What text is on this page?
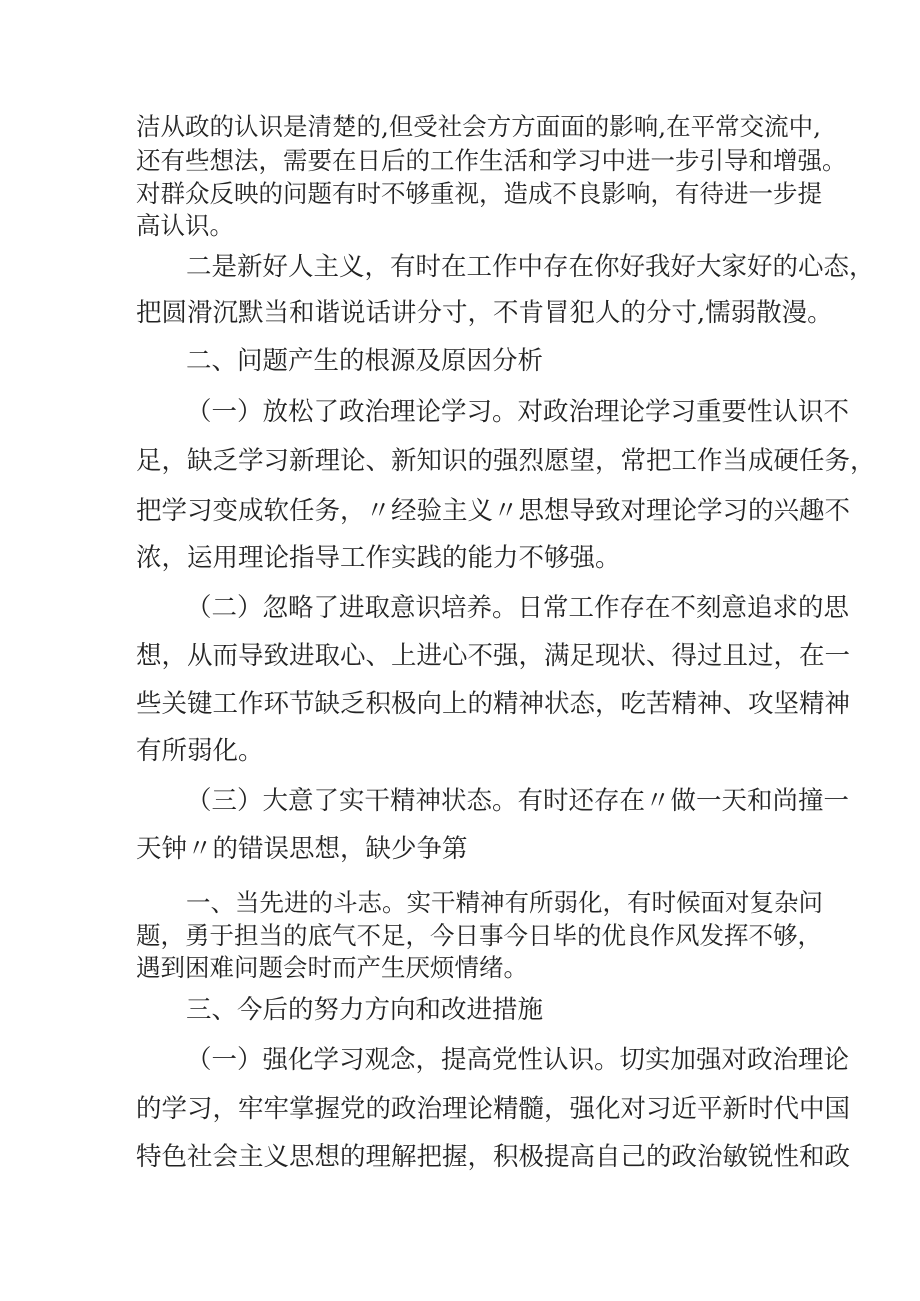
洁从政的认识是清楚的,但受社会方方面面的影响,在平常交流中,
还有些想法，需要在日后的工作生活和学习中进一步引导和增强。
对群众反映的问题有时不够重视，造成不良影响，有待进一步提
高认识。
二是新好人主义，有时在工作中存在你好我好大家好的心态，
把圆滑沉默当和谐说话讲分寸，不肯冒犯人的分寸,懦弱散漫。
二、问题产生的根源及原因分析
（一）放松了政治理论学习。对政治理论学习重要性认识不
足，缺乏学习新理论、新知识的强烈愿望，常把工作当成硬任务，
把学习变成软任务，〃经验主义〃思想导致对理论学习的兴趣不
浓，运用理论指导工作实践的能力不够强。
（二）忽略了进取意识培养。日常工作存在不刻意追求的思
想，从而导致进取心、上进心不强，满足现状、得过且过，在一
些关键工作环节缺乏积极向上的精神状态，吃苦精神、攻坚精神
有所弱化。
（三）大意了实干精神状态。有时还存在〃做一天和尚撞一
天钟〃的错误思想，缺少争第
一、当先进的斗志。实干精神有所弱化，有时候面对复杂问
题，勇于担当的底气不足，今日事今日毕的优良作风发挥不够，
遇到困难问题会时而产生厌烦情绪。
三、今后的努力方向和改进措施
（一）强化学习观念，提高党性认识。切实加强对政治理论
的学习，牢牢掌握党的政治理论精髓，强化对习近平新时代中国
特色社会主义思想的理解把握，积极提高自己的政治敏锐性和政
